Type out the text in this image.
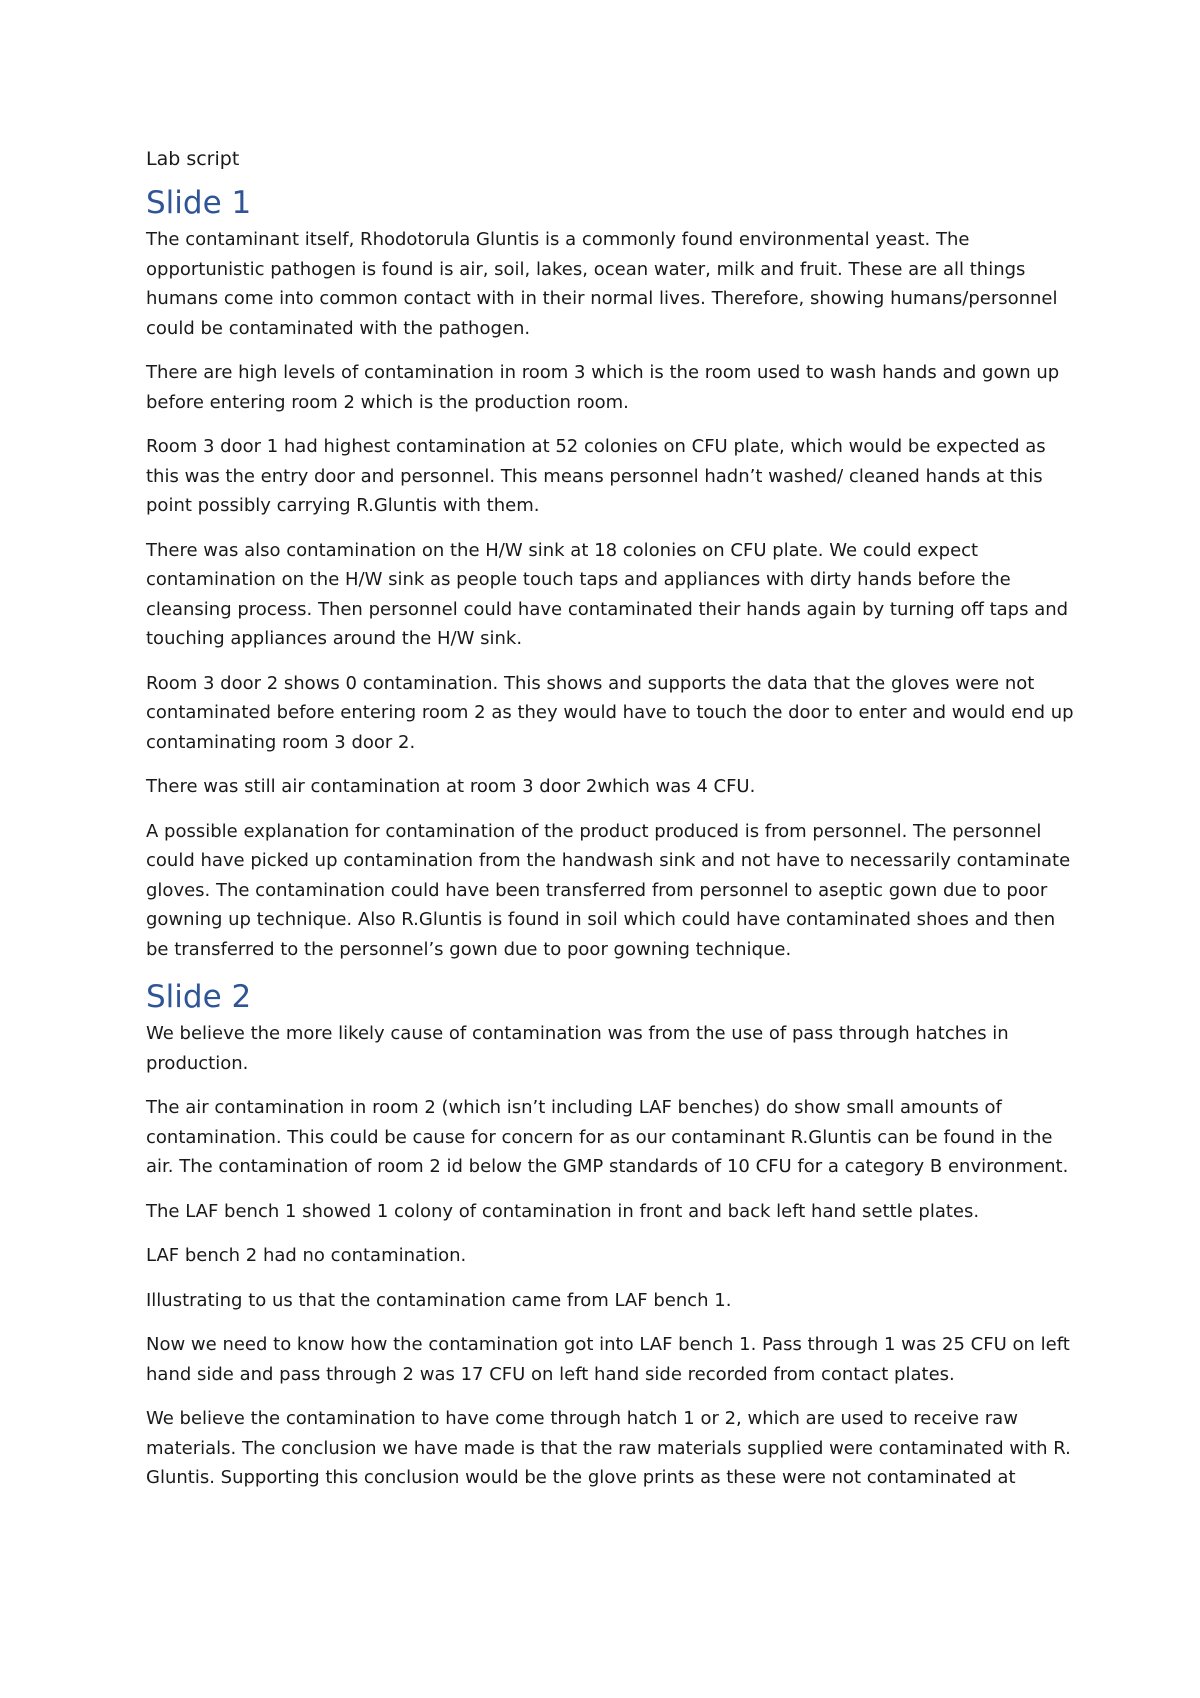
Lab script
Slide 1

The contaminant itself, Rhodotorula Gluntis is a commonly found environmental yeast. The opportunistic pathogen is found is air, soil, lakes, ocean water, milk and fruit. These are all things humans come into common contact with in their normal lives. Therefore, showing humans/personnel could be contaminated with the pathogen.

There are high levels of contamination in room 3 which is the room used to wash hands and gown up before entering room 2 which is the production room.

Room 3 door 1 had highest contamination at 52 colonies on CFU plate, which would be expected as this was the entry door and personnel. This means personnel hadn’t washed/ cleaned hands at this point possibly carrying R.Gluntis with them.

There was also contamination on the H/W sink at 18 colonies on CFU plate. We could expect contamination on the H/W sink as people touch taps and appliances with dirty hands before the cleansing process. Then personnel could have contaminated their hands again by turning off taps and touching appliances around the H/W sink.

Room 3 door 2 shows 0 contamination. This shows and supports the data that the gloves were not contaminated before entering room 2 as they would have to touch the door to enter and would end up contaminating room 3 door 2.

There was still air contamination at room 3 door 2which was 4 CFU.

A possible explanation for contamination of the product produced is from personnel. The personnel could have picked up contamination from the handwash sink and not have to necessarily contaminate gloves. The contamination could have been transferred from personnel to aseptic gown due to poor gowning up technique. Also R.Gluntis is found in soil which could have contaminated shoes and then be transferred to the personnel’s gown due to poor gowning technique.

Slide 2

We believe the more likely cause of contamination was from the use of pass through hatches in production.

The air contamination in room 2 (which isn’t including LAF benches) do show small amounts of contamination. This could be cause for concern for as our contaminant R.Gluntis can be found in the air. The contamination of room 2 id below the GMP standards of 10 CFU for a category B environment.

The LAF bench 1 showed 1 colony of contamination in front and back left hand settle plates.

LAF bench 2 had no contamination.

Illustrating to us that the contamination came from LAF bench 1.

Now we need to know how the contamination got into LAF bench 1. Pass through 1 was 25 CFU on left hand side and pass through 2 was 17 CFU on left hand side recorded from contact plates.

We believe the contamination to have come through hatch 1 or 2, which are used to receive raw materials. The conclusion we have made is that the raw materials supplied were contaminated with R. Gluntis. Supporting this conclusion would be the glove prints as these were not contaminated at
